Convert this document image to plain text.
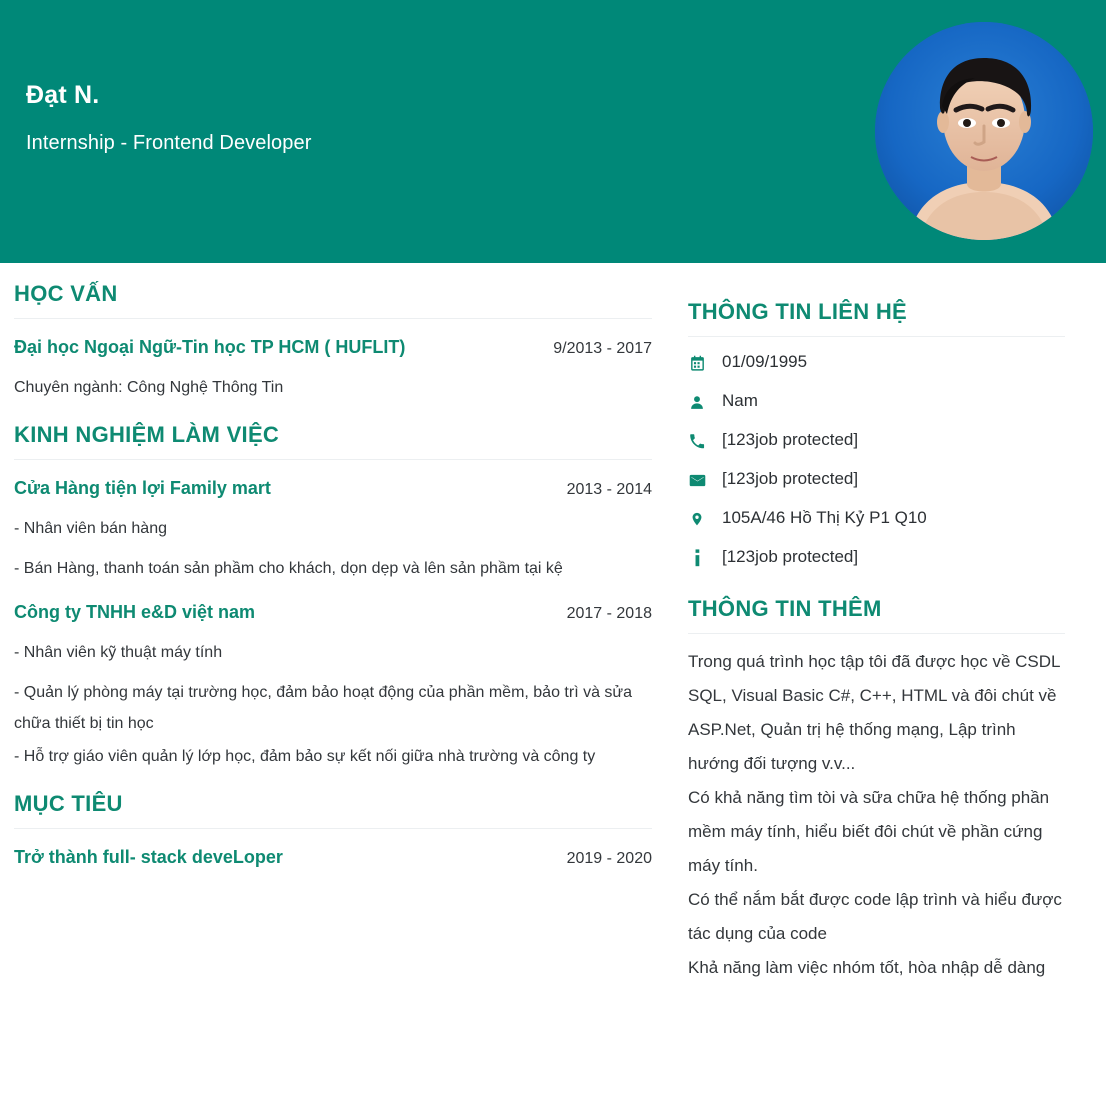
Đạt N.
Internship - Frontend Developer
HỌC VẤN
Đại học Ngoại Ngữ-Tin học TP HCM ( HUFLIT)	9/2013 - 2017
Chuyên ngành: Công Nghệ Thông Tin
KINH NGHIỆM LÀM VIỆC
Cửa Hàng tiện lợi Family mart	2013 - 2014
- Nhân viên bán hàng
- Bán Hàng, thanh toán sản phầm cho khách, dọn dẹp và lên sản phầm tại kệ
Công ty TNHH e&D việt nam	2017 - 2018
- Nhân viên kỹ thuật máy tính
- Quản lý phòng máy tại trường học, đảm bảo hoạt động của phần mềm, bảo trì và sửa chữa thiết bị tin học
- Hỗ trợ giáo viên quản lý lớp học, đảm bảo sự kết nối giữa nhà trường và công ty
MỤC TIÊU
Trở thành full- stack deveLoper	2019 - 2020
THÔNG TIN LIÊN HỆ
01/09/1995
Nam
[123job protected]
[123job protected]
105A/46 Hồ Thị Kỷ P1 Q10
[123job protected]
THÔNG TIN THÊM
Trong quá trình học tập tôi đã được học về CSDL SQL, Visual Basic C#, C++, HTML và đôi chút về ASP.Net, Quản trị hệ thống mạng, Lập trình hướng đối tượng v.v...
Có khả năng tìm tòi và sữa chữa hệ thống phần mềm máy tính, hiểu biết đôi chút về phần cứng máy tính.
Có thể nắm bắt được code lập trình và hiểu được tác dụng của code
Khả năng làm việc nhóm tốt, hòa nhập dễ dàng
